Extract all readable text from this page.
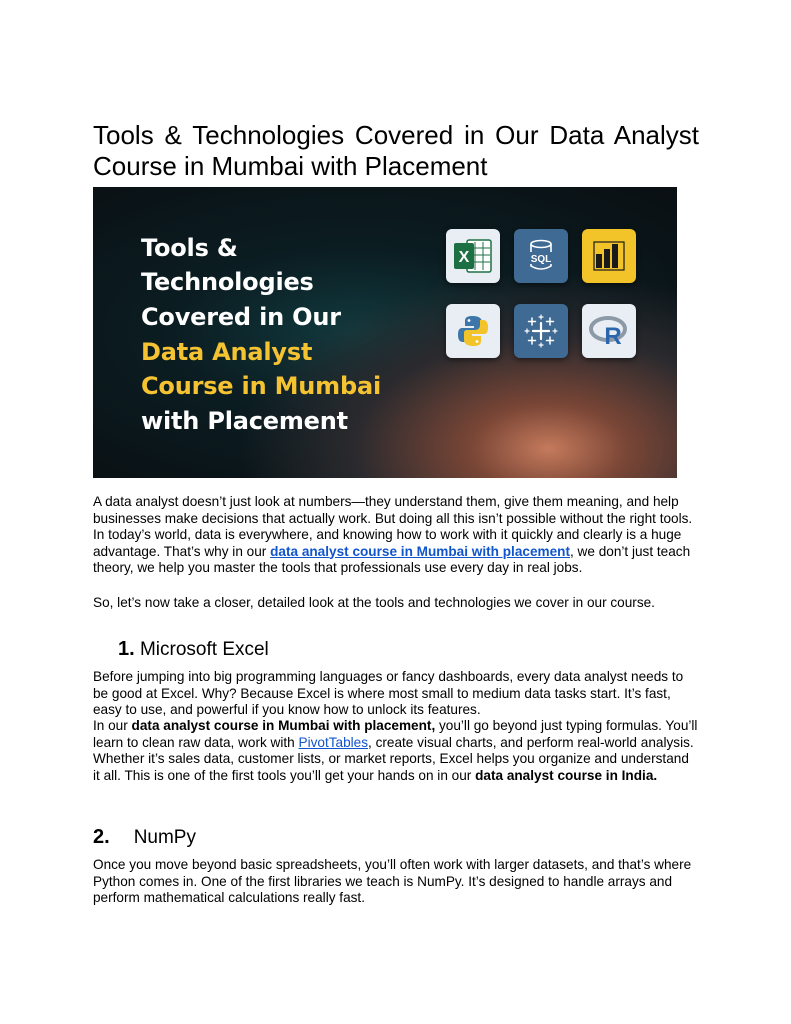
Tools & Technologies Covered in Our Data Analyst Course in Mumbai with Placement
Tools &
Technologies
Covered in Our
Data Analyst
Course in Mumbai
with Placement
X	SQL
R

A data analyst doesn’t just look at numbers—they understand them, give them meaning, and help businesses make decisions that actually work. But doing all this isn’t possible without the right tools. In today’s world, data is everywhere, and knowing how to work with it quickly and clearly is a huge advantage. That’s why in our data analyst course in Mumbai with placement, we don’t just teach theory, we help you master the tools that professionals use every day in real jobs.

So, let’s now take a closer, detailed look at the tools and technologies we cover in our course.

1. Microsoft Excel

Before jumping into big programming languages or fancy dashboards, every data analyst needs to be good at Excel. Why? Because Excel is where most small to medium data tasks start. It’s fast, easy to use, and powerful if you know how to unlock its features.

In our data analyst course in Mumbai with placement, you’ll go beyond just typing formulas. You’ll learn to clean raw data, work with PivotTables, create visual charts, and perform real-world analysis. Whether it’s sales data, customer lists, or market reports, Excel helps you organize and understand it all. This is one of the first tools you’ll get your hands on in our data analyst course in India.

2. NumPy

Once you move beyond basic spreadsheets, you’ll often work with larger datasets, and that’s where Python comes in. One of the first libraries we teach is NumPy. It’s designed to handle arrays and perform mathematical calculations really fast.
